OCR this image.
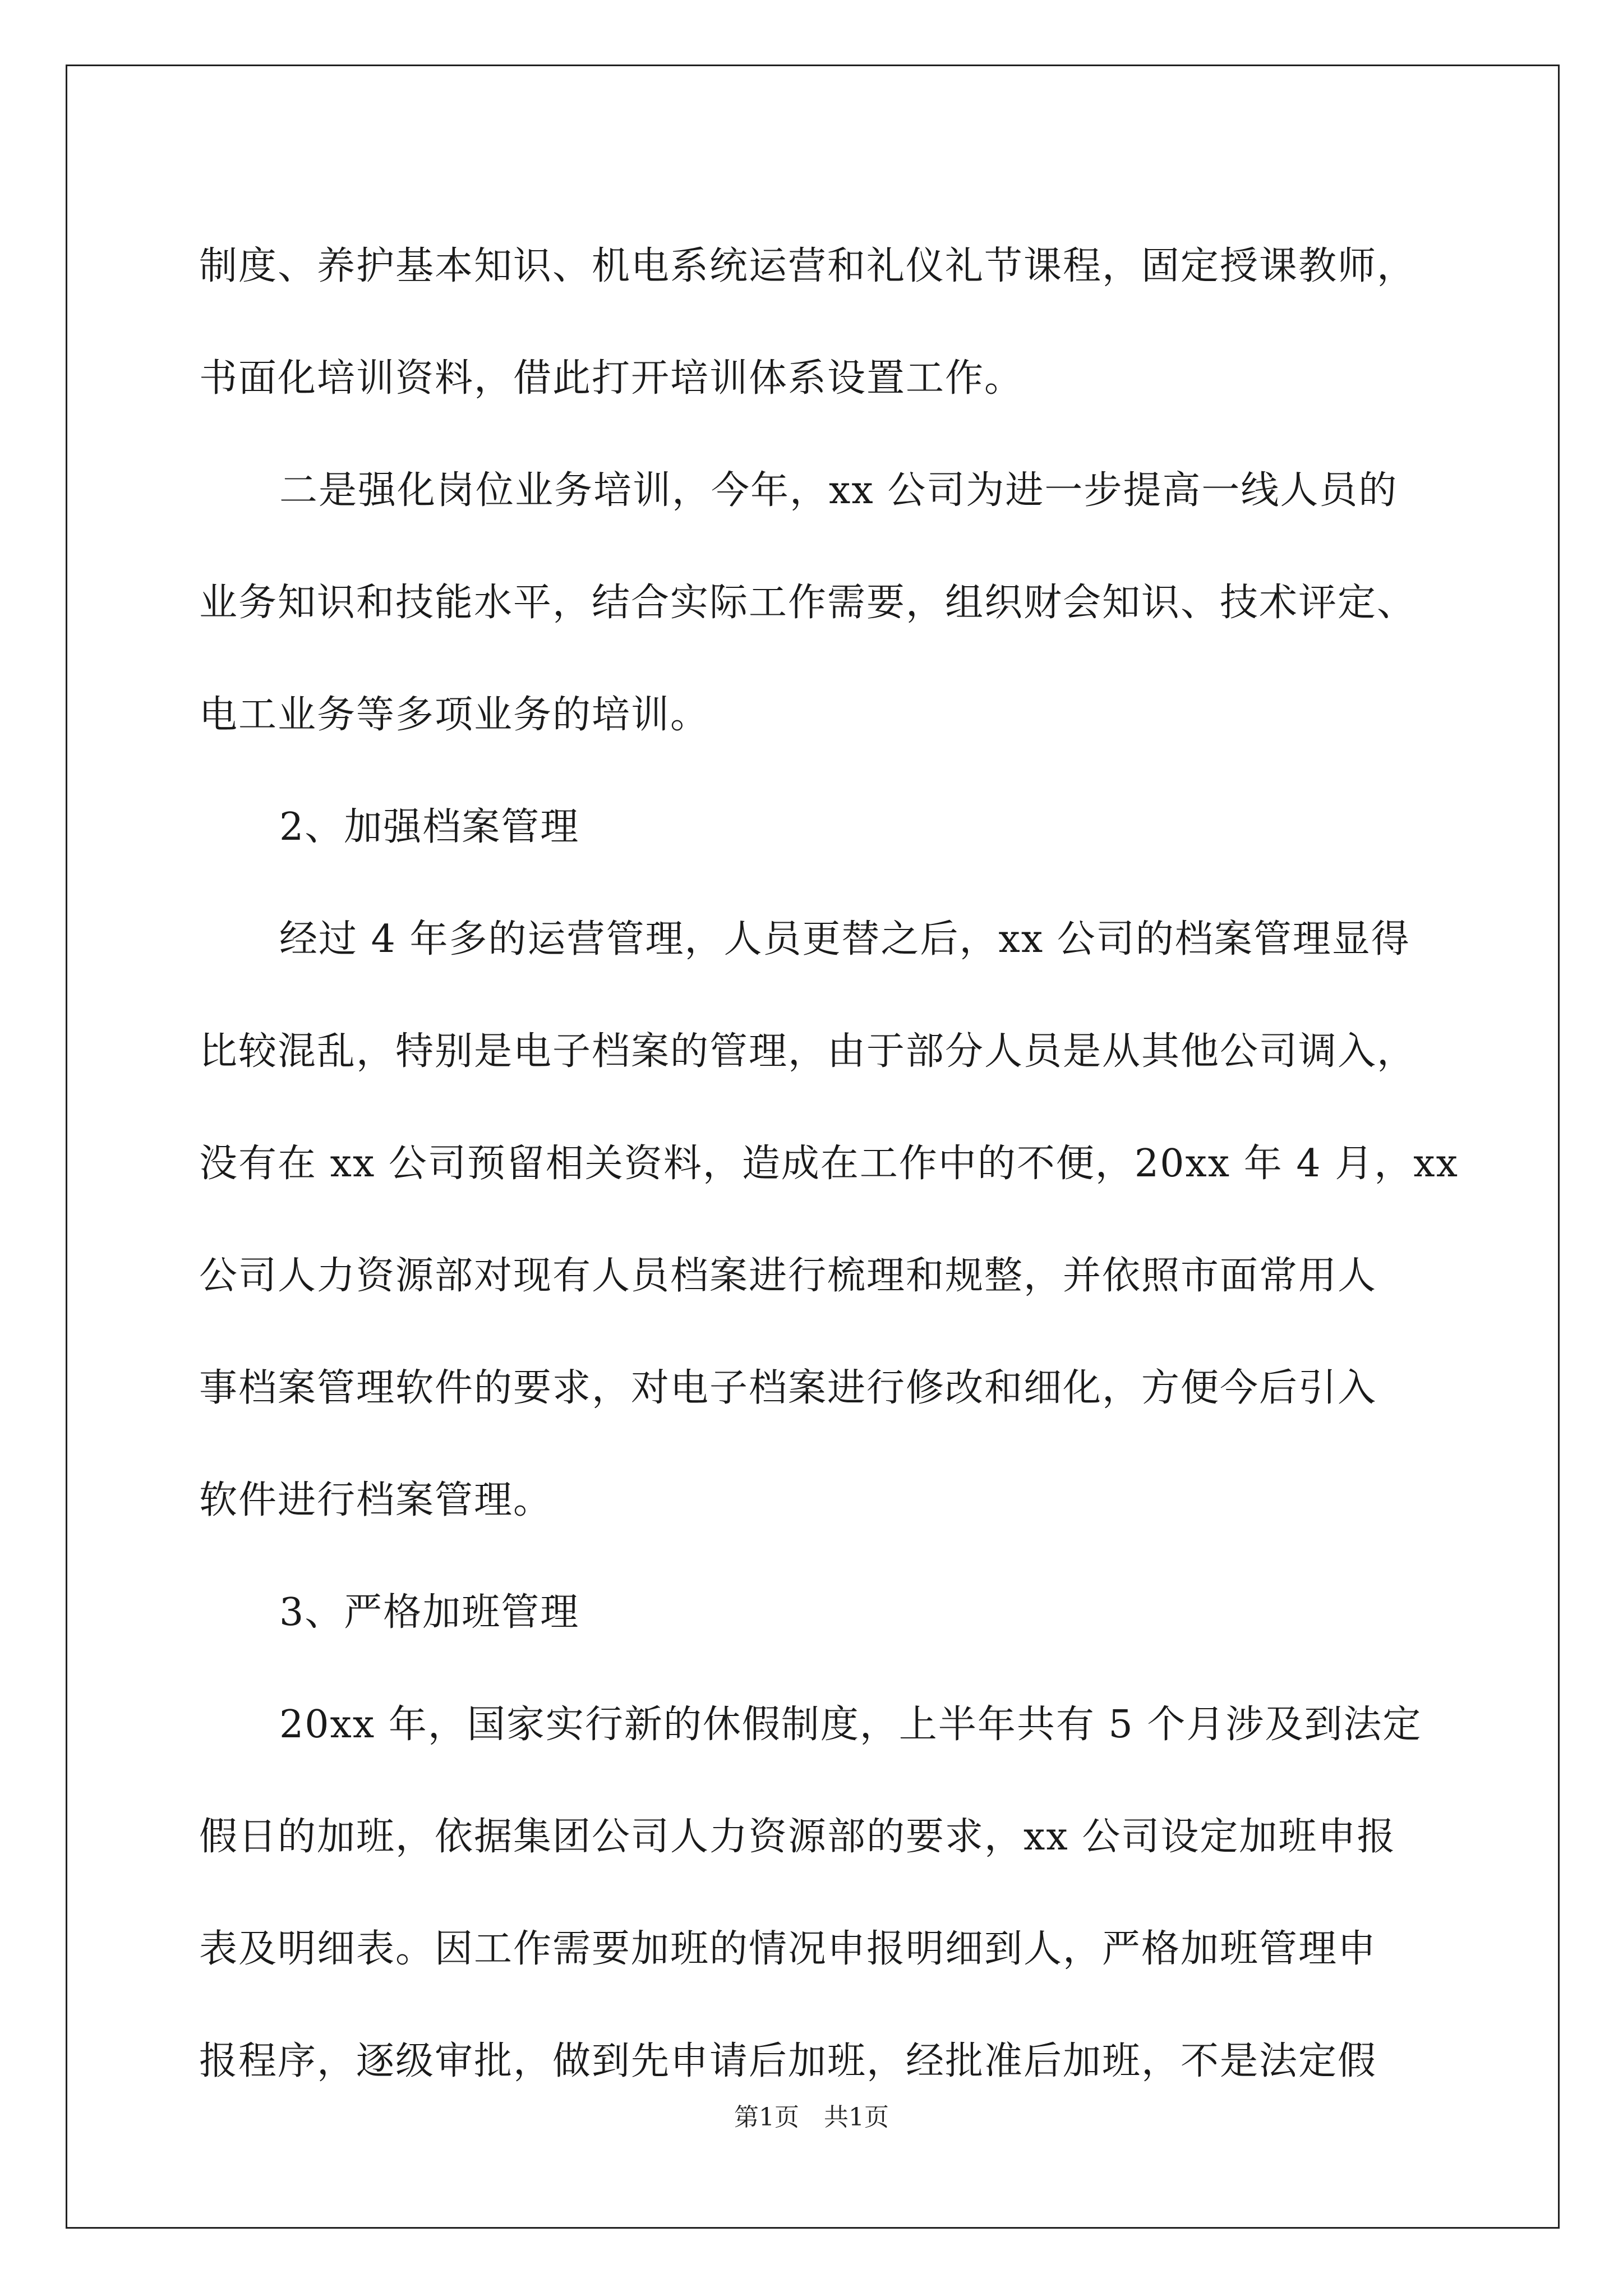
制度、养护基本知识、机电系统运营和礼仪礼节课程，固定授课教师，
书面化培训资料，借此打开培训体系设置工作。
二是强化岗位业务培训，今年，xx 公司为进一步提高一线人员的
业务知识和技能水平，结合实际工作需要，组织财会知识、技术评定、
电工业务等多项业务的培训。
2、加强档案管理
经过 4 年多的运营管理，人员更替之后，xx 公司的档案管理显得
比较混乱，特别是电子档案的管理，由于部分人员是从其他公司调入，
没有在 xx 公司预留相关资料，造成在工作中的不便，20xx 年 4 月，xx
公司人力资源部对现有人员档案进行梳理和规整，并依照市面常用人
事档案管理软件的要求，对电子档案进行修改和细化，方便今后引入
软件进行档案管理。
3、严格加班管理
20xx 年，国家实行新的休假制度，上半年共有 5 个月涉及到法定
假日的加班，依据集团公司人力资源部的要求，xx 公司设定加班申报
表及明细表。因工作需要加班的情况申报明细到人，严格加班管理申
报程序，逐级审批，做到先申请后加班，经批准后加班，不是法定假
第1页　共1页
